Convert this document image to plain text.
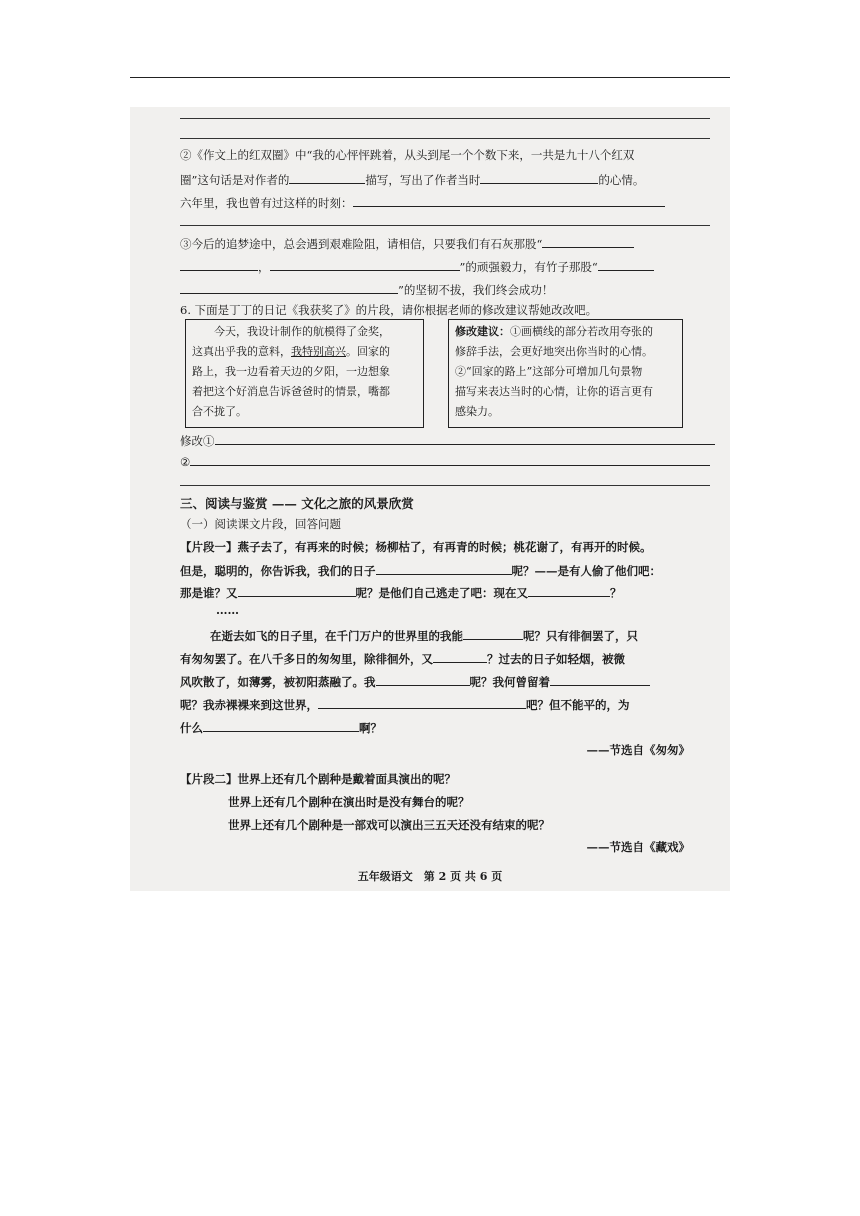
②《作文上的红双圈》中“我的心怦怦跳着，从头到尾一个个数下来，一共是九十八个红双
圈”这句话是对作者的	描写，写出了作者当时	的心情。
六年里，我也曾有过这样的时刻：
③今后的追梦途中，总会遇到艰难险阻，请相信，只要我们有石灰那股“
，	”的顽强毅力，有竹子那股“
”的坚韧不拔，我们终会成功！
6. 下面是丁丁的日记《我获奖了》的片段，请你根据老师的修改建议帮她改改吧。
今天，我设计制作的航模得了金奖，
这真出乎我的意料，我特别高兴。回家的
路上，我一边看着天边的夕阳，一边想象
着把这个好消息告诉爸爸时的情景，嘴都
合不拢了。
修改建议：①画横线的部分若改用夸张的
修辞手法，会更好地突出你当时的心情。
②“回家的路上”这部分可增加几句景物
描写来表达当时的心情，让你的语言更有
感染力。
修改①
②
三、阅读与鉴赏 —— 文化之旅的风景欣赏
（一）阅读课文片段，回答问题
【片段一】燕子去了，有再来的时候；杨柳枯了，有再青的时候；桃花谢了，有再开的时候。
但是，聪明的，你告诉我，我们的日子	呢？——是有人偷了他们吧：
那是谁？又	呢？是他们自己逃走了吧：现在又	？
……
在逝去如飞的日子里，在千门万户的世界里的我能	呢？只有徘徊罢了，只
有匆匆罢了。在八千多日的匆匆里，除徘徊外，又	？过去的日子如轻烟，被微
风吹散了，如薄雾，被初阳蒸融了。我	呢？我何曾留着
呢？我赤裸裸来到这世界，	吧？但不能平的，为
什么	啊？
——节选自《匆匆》
【片段二】世界上还有几个剧种是戴着面具演出的呢？
世界上还有几个剧种在演出时是没有舞台的呢？
世界上还有几个剧种是一部戏可以演出三五天还没有结束的呢？
——节选自《藏戏》
五年级语文　第 2 页 共 6 页
